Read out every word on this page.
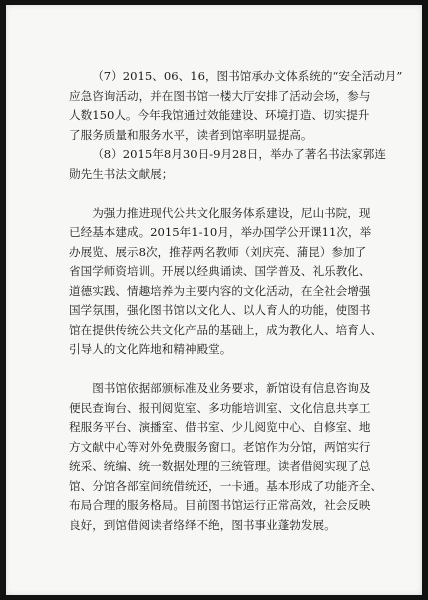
（7）2015、06、16，图书馆承办文体系统的“安全活动月”
应急咨询活动，并在图书馆一楼大厅安排了活动会场，参与
人数150人。今年我馆通过效能建设、环境打造、切实提升
了服务质量和服务水平，读者到馆率明显提高。
（8）2015年8月30日-9月28日，举办了著名书法家郭连
勋先生书法文献展；
为强力推进现代公共文化服务体系建设，尼山书院，现
已经基本建成。2015年1-10月，举办国学公开课11次，举
办展览、展示8次，推荐两名教师（刘庆亮、蒲昆）参加了
省国学师资培训。开展以经典诵读、国学普及、礼乐教化、
道德实践、情趣培养为主要内容的文化活动，在全社会增强
国学氛围，强化图书馆以文化人、以人育人的功能，使图书
馆在提供传统公共文化产品的基础上，成为教化人、培育人、
引导人的文化阵地和精神殿堂。
图书馆依据部颁标准及业务要求，新馆设有信息咨询及
便民查询台、报刊阅览室、多功能培训室、文化信息共享工
程服务平台、演播室、借书室、少儿阅览中心、自修室、地
方文献中心等对外免费服务窗口。老馆作为分馆，两馆实行
统采、统编、统一数据处理的三统管理。读者借阅实现了总
馆、分馆各部室间统借统还，一卡通。基本形成了功能齐全、
布局合理的服务格局。目前图书馆运行正常高效，社会反映
良好，到馆借阅读者络绎不绝，图书事业蓬勃发展。
